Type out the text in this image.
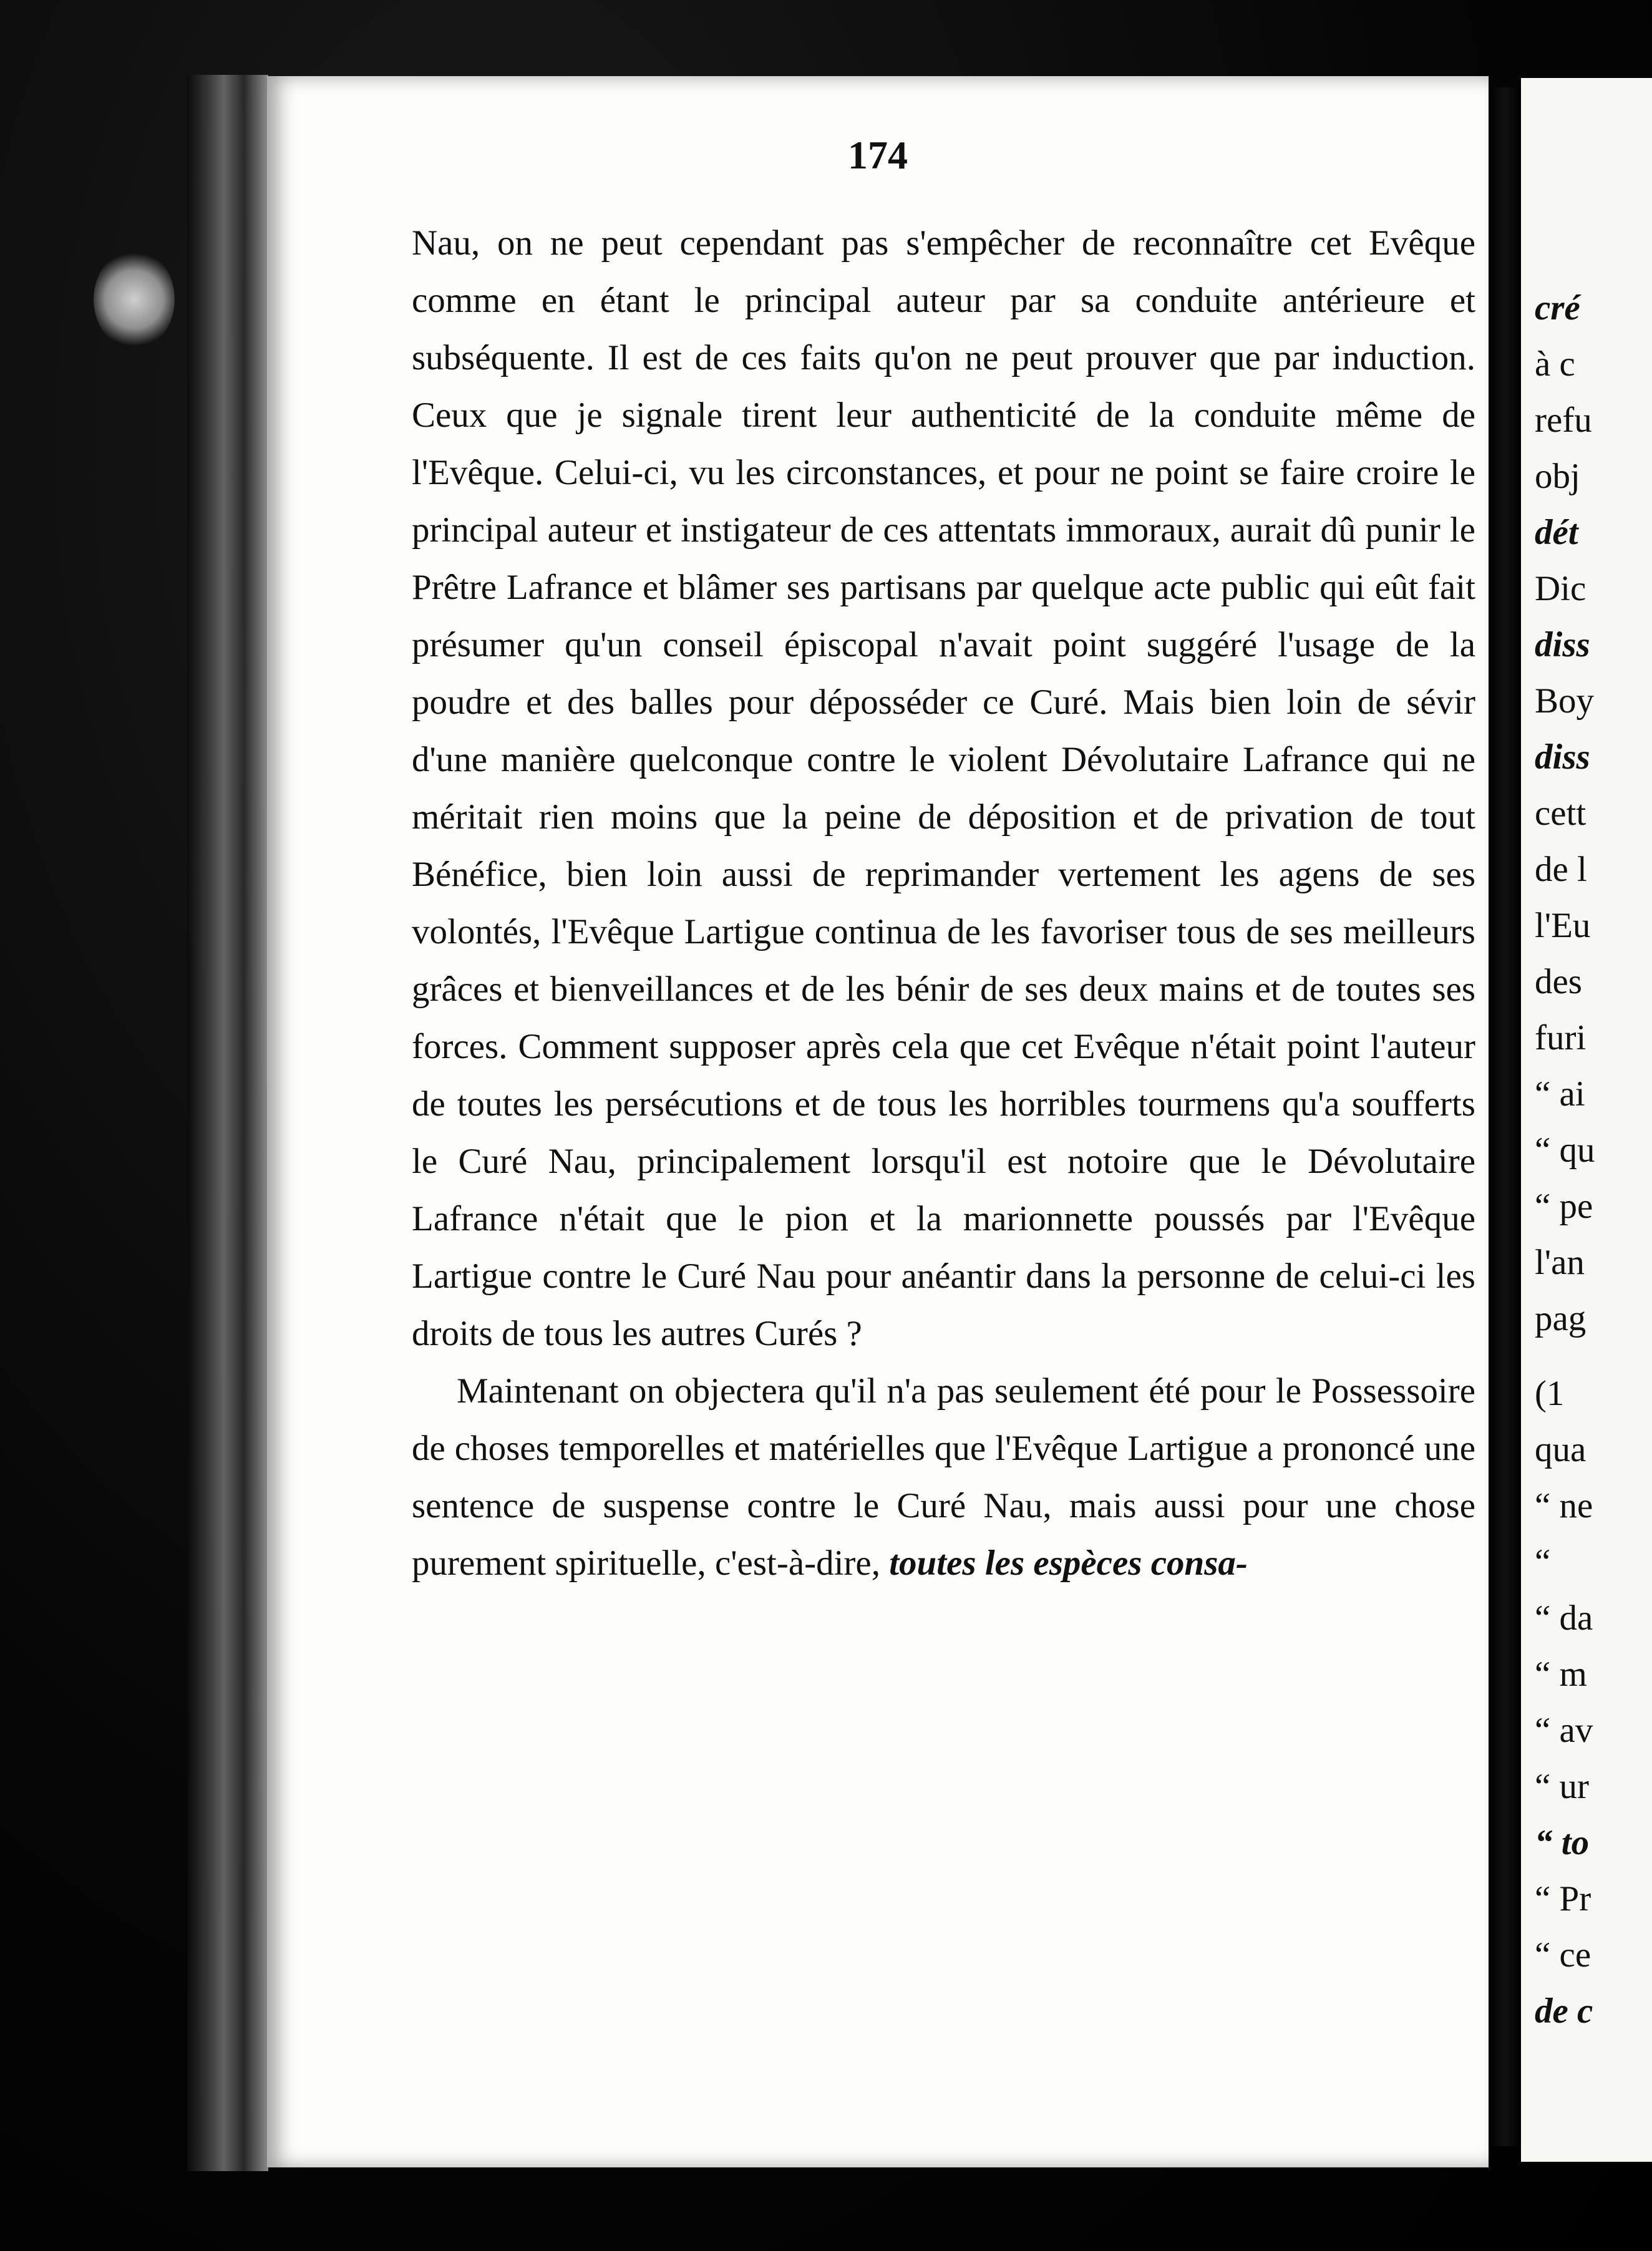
174

Nau, on ne peut cependant pas s'empêcher de reconnaître cet Evêque comme en étant le principal auteur par sa conduite antérieure et subséquente. Il est de ces faits qu'on ne peut prouver que par induction. Ceux que je signale tirent leur authenticité de la conduite même de l'Evêque. Celui-ci, vu les circonstances, et pour ne point se faire croire le principal auteur et instigateur de ces attentats immoraux, aurait dû punir le Prêtre Lafrance et blâmer ses partisans par quelque acte public qui eût fait présumer qu'un conseil épiscopal n'avait point suggéré l'usage de la poudre et des balles pour déposséder ce Curé. Mais bien loin de sévir d'une manière quelconque contre le violent Dévolutaire Lafrance qui ne méritait rien moins que la peine de déposition et de privation de tout Bénéfice, bien loin aussi de reprimander vertement les agens de ses volontés, l'Evêque Lartigue continua de les favoriser tous de ses meilleurs grâces et bienveillances et de les bénir de ses deux mains et de toutes ses forces. Comment supposer après cela que cet Evêque n'était point l'auteur de toutes les persécutions et de tous les horribles tourmens qu'a soufferts le Curé Nau, principalement lorsqu'il est notoire que le Dévolutaire Lafrance n'était que le pion et la marionnette poussés par l'Evêque Lartigue contre le Curé Nau pour anéantir dans la personne de celui-ci les droits de tous les autres Curés ?

Maintenant on objectera qu'il n'a pas seulement été pour le Possessoire de choses temporelles et matérielles que l'Evêque Lartigue a prononcé une sentence de suspense contre le Curé Nau, mais aussi pour une chose purement spirituelle, c'est-à-dire, toutes les espèces consa-

cré
à c
refu
obj
dét
Dic
diss
Boy
diss
cett
de l
l'Eu
des
furi
“ ai
“ qu
“ pe
l'an
pag
(1
qua
“ ne
“
“ da
“ m
“ av
“ ur
“ to
“ Pr
“ ce
de c
